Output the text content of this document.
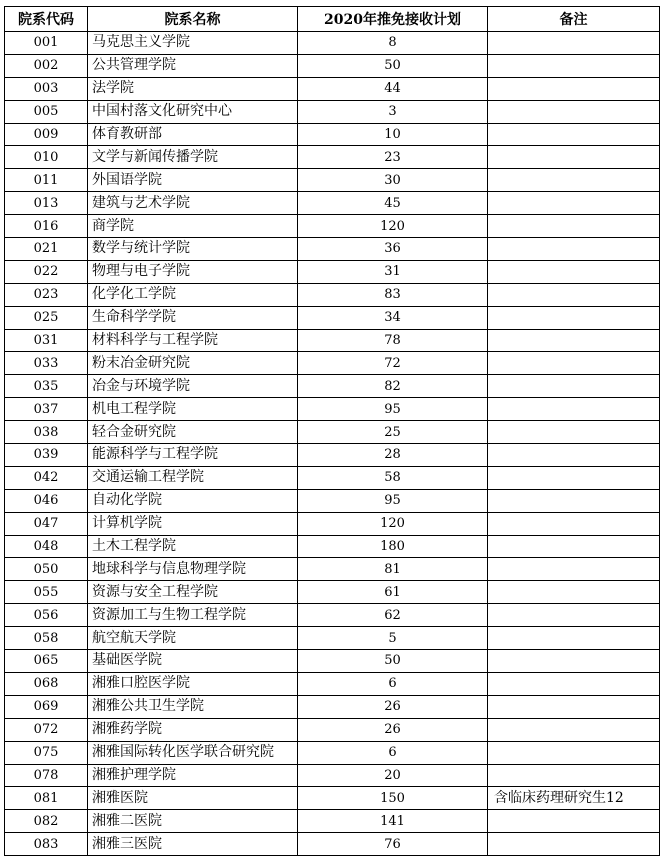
院系代码	院系名称	2020年推免接收计划	备注
001	马克思主义学院	8	
002	公共管理学院	50	
003	法学院	44	
005	中国村落文化研究中心	3	
009	体育教研部	10	
010	文学与新闻传播学院	23	
011	外国语学院	30	
013	建筑与艺术学院	45	
016	商学院	120	
021	数学与统计学院	36	
022	物理与电子学院	31	
023	化学化工学院	83	
025	生命科学学院	34	
031	材料科学与工程学院	78	
033	粉末冶金研究院	72	
035	冶金与环境学院	82	
037	机电工程学院	95	
038	轻合金研究院	25	
039	能源科学与工程学院	28	
042	交通运输工程学院	58	
046	自动化学院	95	
047	计算机学院	120	
048	土木工程学院	180	
050	地球科学与信息物理学院	81	
055	资源与安全工程学院	61	
056	资源加工与生物工程学院	62	
058	航空航天学院	5	
065	基础医学院	50	
068	湘雅口腔医学院	6	
069	湘雅公共卫生学院	26	
072	湘雅药学院	26	
075	湘雅国际转化医学联合研究院	6	
078	湘雅护理学院	20	
081	湘雅医院	150	含临床药理研究生12
082	湘雅二医院	141	
083	湘雅三医院	76	
